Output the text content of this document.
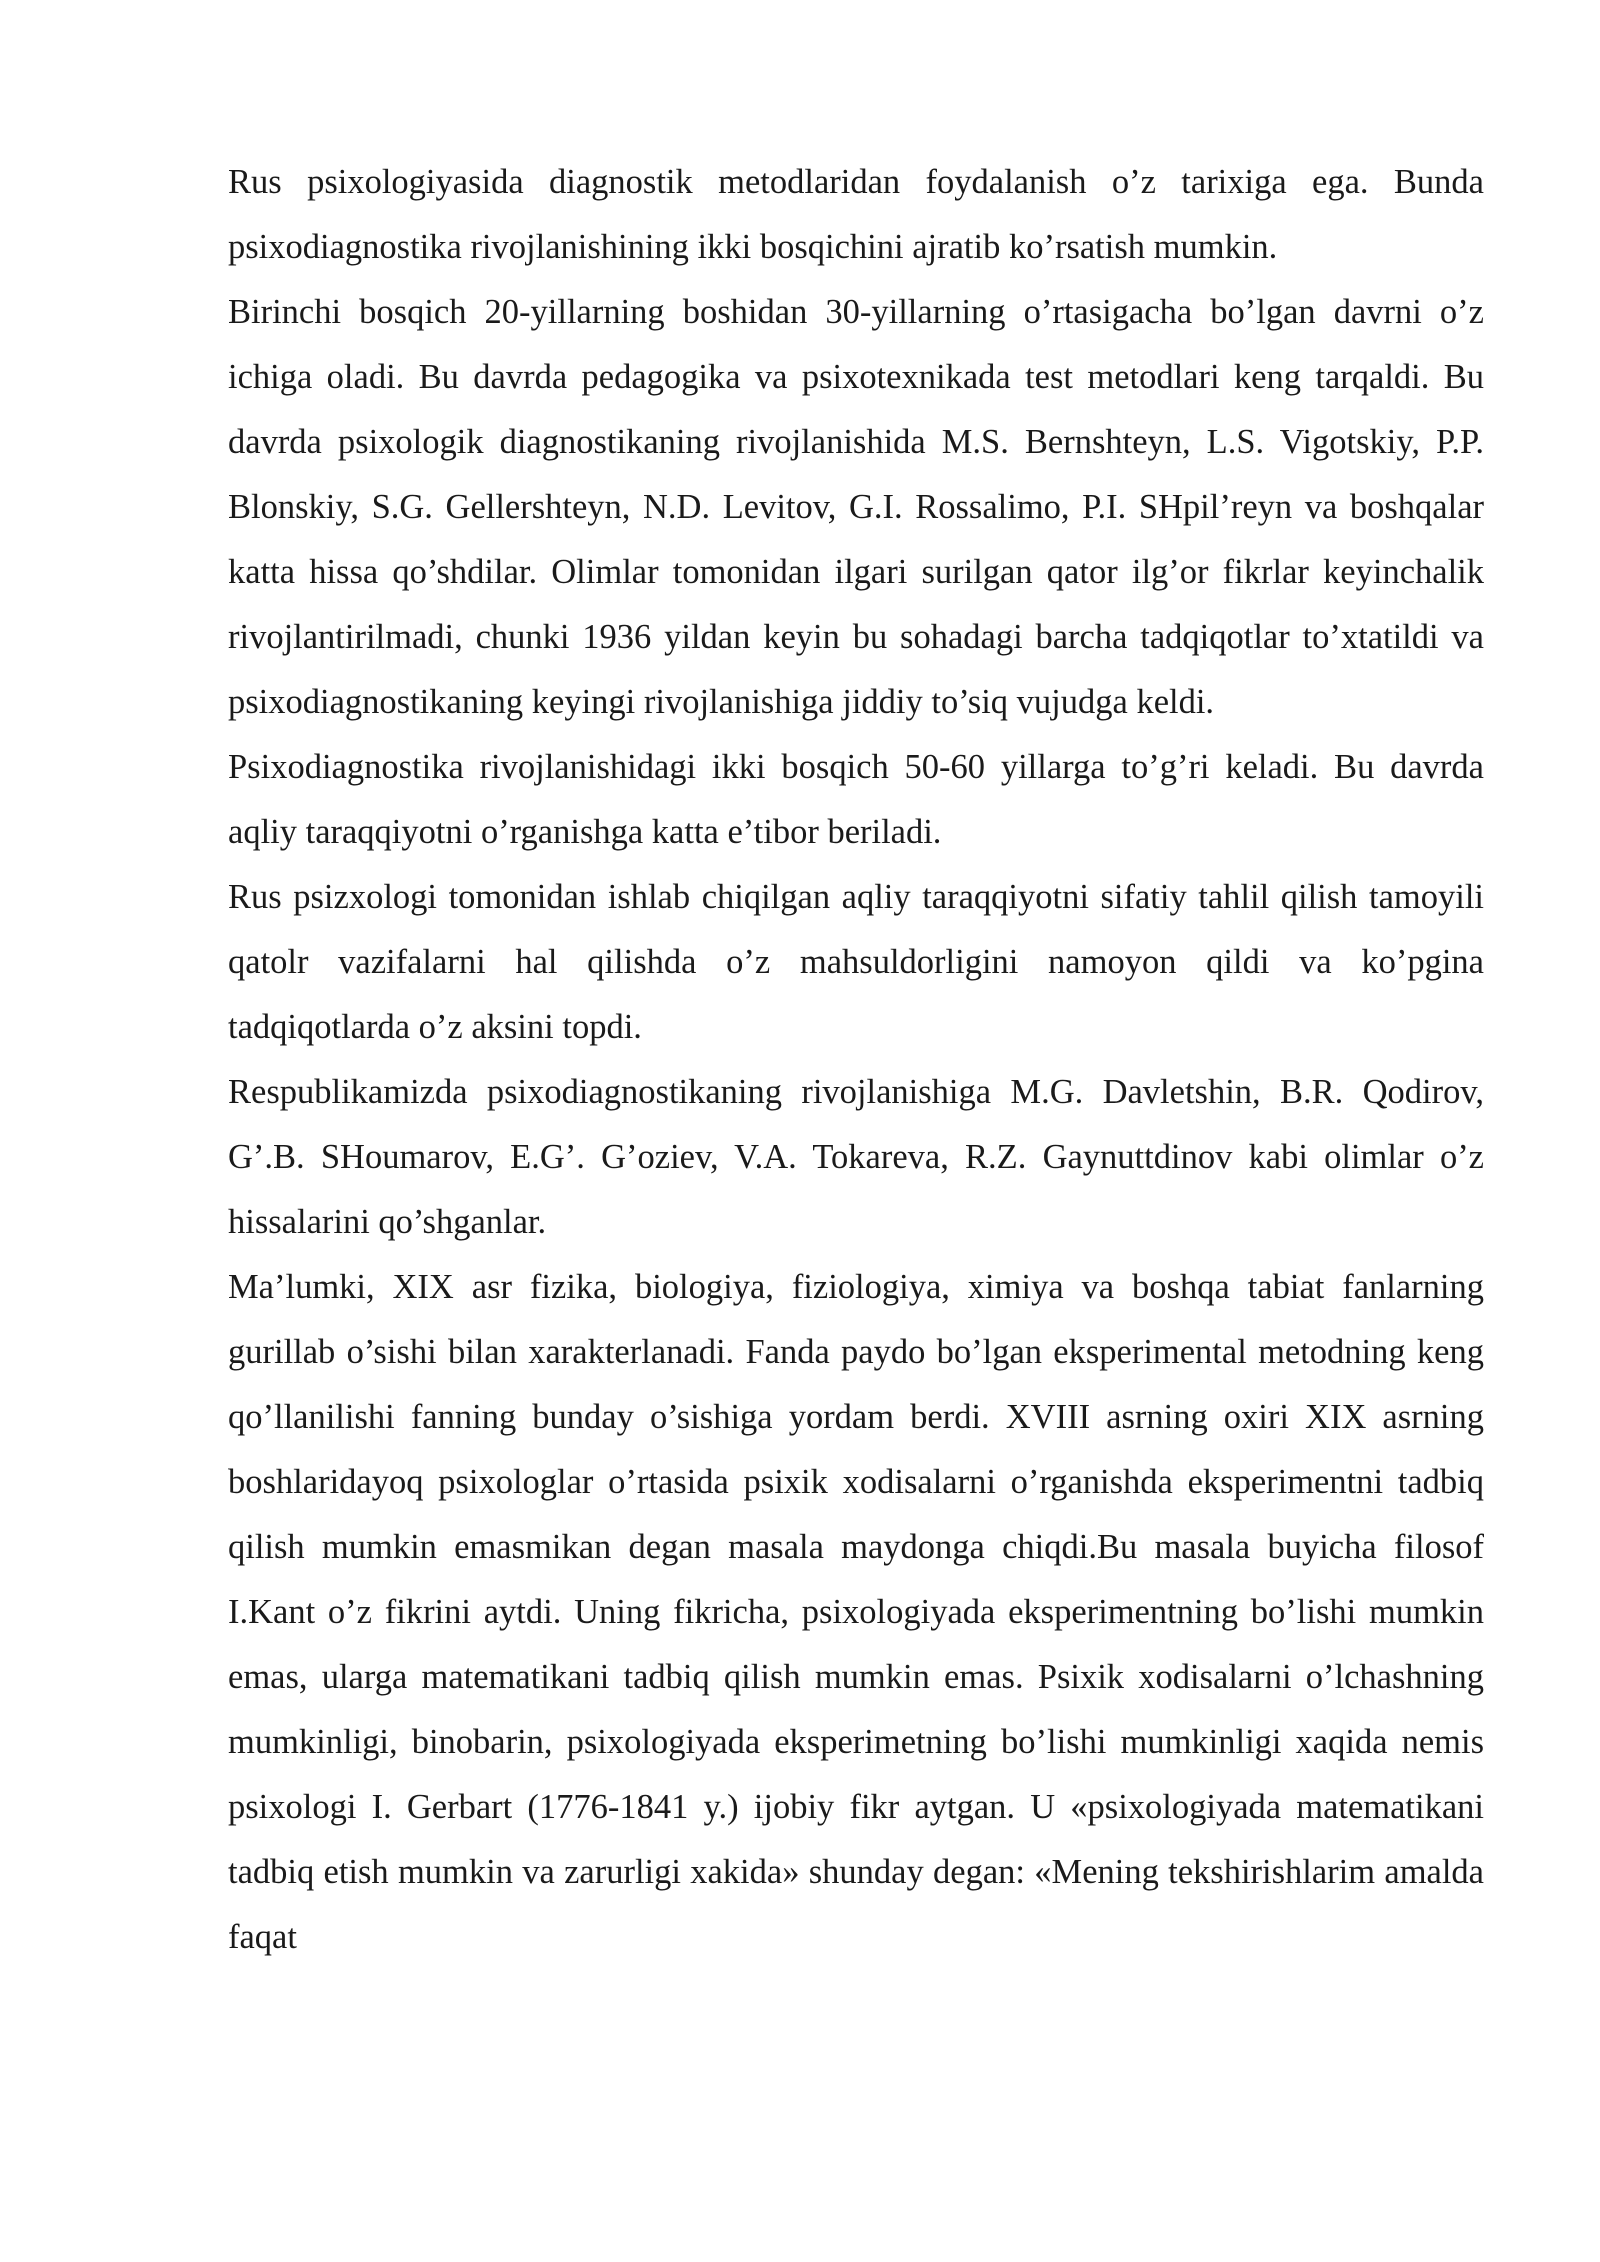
Rus psixologiyasida diagnostik metodlaridan foydalanish o’z tarixiga ega. Bunda psixodiagnostika rivojlanishining ikki bosqichini ajratib ko’rsatish mumkin.

Birinchi bosqich 20-yillarning boshidan 30-yillarning o’rtasigacha bo’lgan davrni o’z ichiga oladi. Bu davrda pedagogika va psixotexnikada test metodlari keng tarqaldi. Bu davrda psixologik diagnostikaning rivojlanishida M.S. Bernshteyn, L.S. Vigotskiy, P.P. Blonskiy, S.G. Gellershteyn, N.D. Levitov, G.I. Rossalimo, P.I. SHpil’reyn va boshqalar katta hissa qo’shdilar. Olimlar tomonidan ilgari surilgan qator ilg’or fikrlar keyinchalik rivojlantirilmadi, chunki 1936 yildan keyin bu sohadagi barcha tadqiqotlar to’xtatildi va psixodiagnostikaning keyingi rivojlanishiga jiddiy to’siq vujudga keldi.

Psixodiagnostika rivojlanishidagi ikki bosqich 50-60 yillarga to’g’ri keladi. Bu davrda aqliy taraqqiyotni o’rganishga katta e’tibor beriladi.

Rus psizxologi tomonidan ishlab chiqilgan aqliy taraqqiyotni sifatiy tahlil qilish tamoyili qatolr vazifalarni hal qilishda o’z mahsuldorligini namoyon qildi va ko’pgina tadqiqotlarda o’z aksini topdi.

Respublikamizda psixodiagnostikaning rivojlanishiga M.G. Davletshin, B.R. Qodirov, G’.B. SHoumarov, E.G’. G’oziev, V.A. Tokareva, R.Z. Gaynuttdinov kabi olimlar o’z hissalarini qo’shganlar.

Ma’lumki, XIX asr fizika, biologiya, fiziologiya, ximiya va boshqa tabiat fanlarning gurillab o’sishi bilan xarakterlanadi. Fanda paydo bo’lgan eksperimental metodning keng qo’llanilishi fanning bunday o’sishiga yordam berdi. XVIII asrning oxiri XIX asrning boshlaridayoq psixologlar o’rtasida psixik xodisalarni o’rganishda eksperimentni tadbiq qilish mumkin emasmikan degan masala maydonga chiqdi.Bu masala buyicha filosof I.Kant o’z fikrini aytdi. Uning fikricha, psixologiyada eksperimentning bo’lishi mumkin emas, ularga matematikani tadbiq qilish mumkin emas. Psixik xodisalarni o’lchashning mumkinligi, binobarin, psixologiyada eksperimetning bo’lishi mumkinligi xaqida nemis psixologi I. Gerbart (1776-1841 y.) ijobiy fikr aytgan. U «psixologiyada matematikani tadbiq etish mumkin va zarurligi xakida» shunday degan: «Mening tekshirishlarim amalda faqat
